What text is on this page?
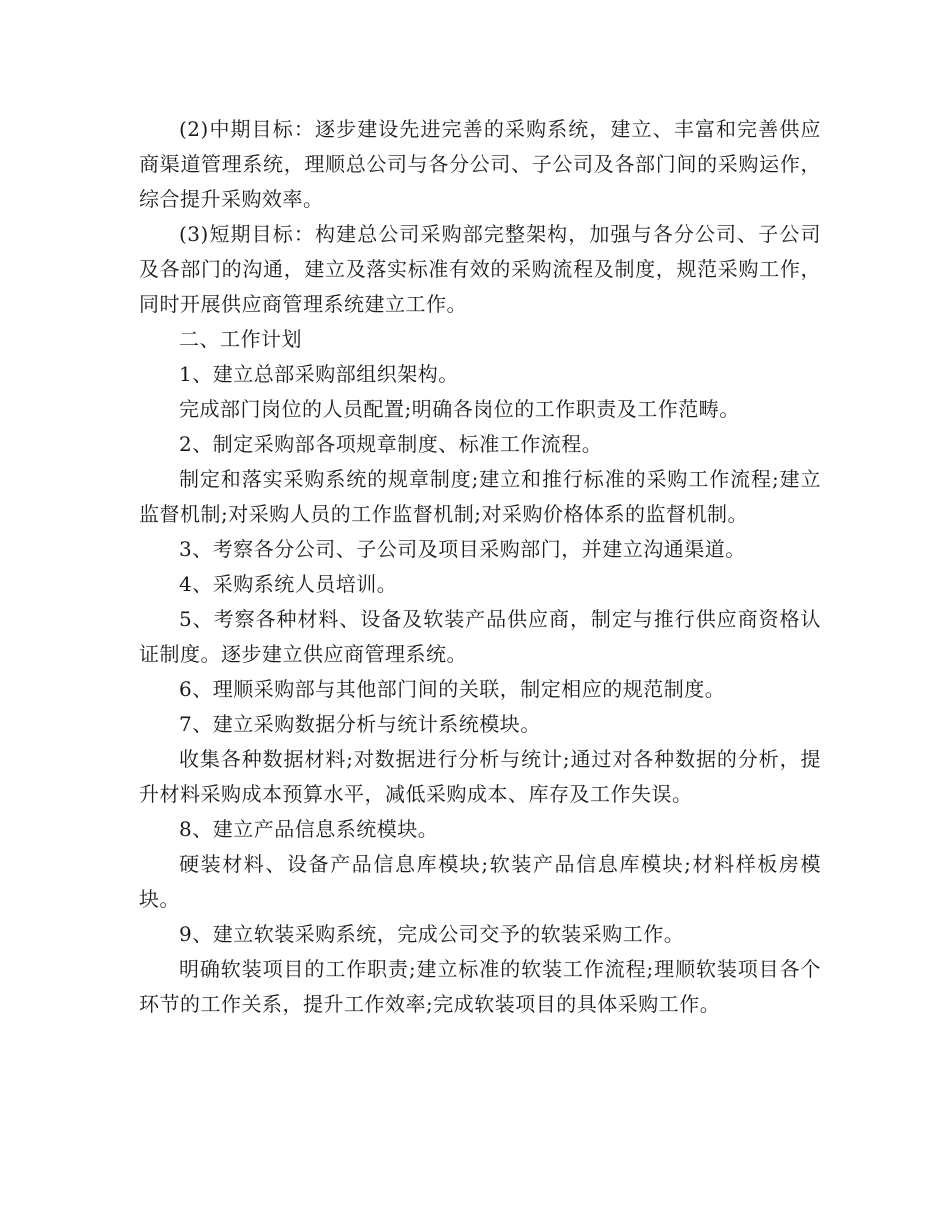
(2)中期目标：逐步建设先进完善的采购系统，建立、丰富和完善供应商渠道管理系统，理顺总公司与各分公司、子公司及各部门间的采购运作，综合提升采购效率。

(3)短期目标：构建总公司采购部完整架构，加强与各分公司、子公司及各部门的沟通，建立及落实标准有效的采购流程及制度，规范采购工作，同时开展供应商管理系统建立工作。

二、工作计划

1、建立总部采购部组织架构。

完成部门岗位的人员配置;明确各岗位的工作职责及工作范畴。

2、制定采购部各项规章制度、标准工作流程。

制定和落实采购系统的规章制度;建立和推行标准的采购工作流程;建立监督机制;对采购人员的工作监督机制;对采购价格体系的监督机制。

3、考察各分公司、子公司及项目采购部门，并建立沟通渠道。

4、采购系统人员培训。

5、考察各种材料、设备及软装产品供应商，制定与推行供应商资格认证制度。逐步建立供应商管理系统。

6、理顺采购部与其他部门间的关联，制定相应的规范制度。

7、建立采购数据分析与统计系统模块。

收集各种数据材料;对数据进行分析与统计;通过对各种数据的分析，提升材料采购成本预算水平，减低采购成本、库存及工作失误。

8、建立产品信息系统模块。

硬装材料、设备产品信息库模块;软装产品信息库模块;材料样板房模块。

9、建立软装采购系统，完成公司交予的软装采购工作。

明确软装项目的工作职责;建立标准的软装工作流程;理顺软装项目各个环节的工作关系，提升工作效率;完成软装项目的具体采购工作。
